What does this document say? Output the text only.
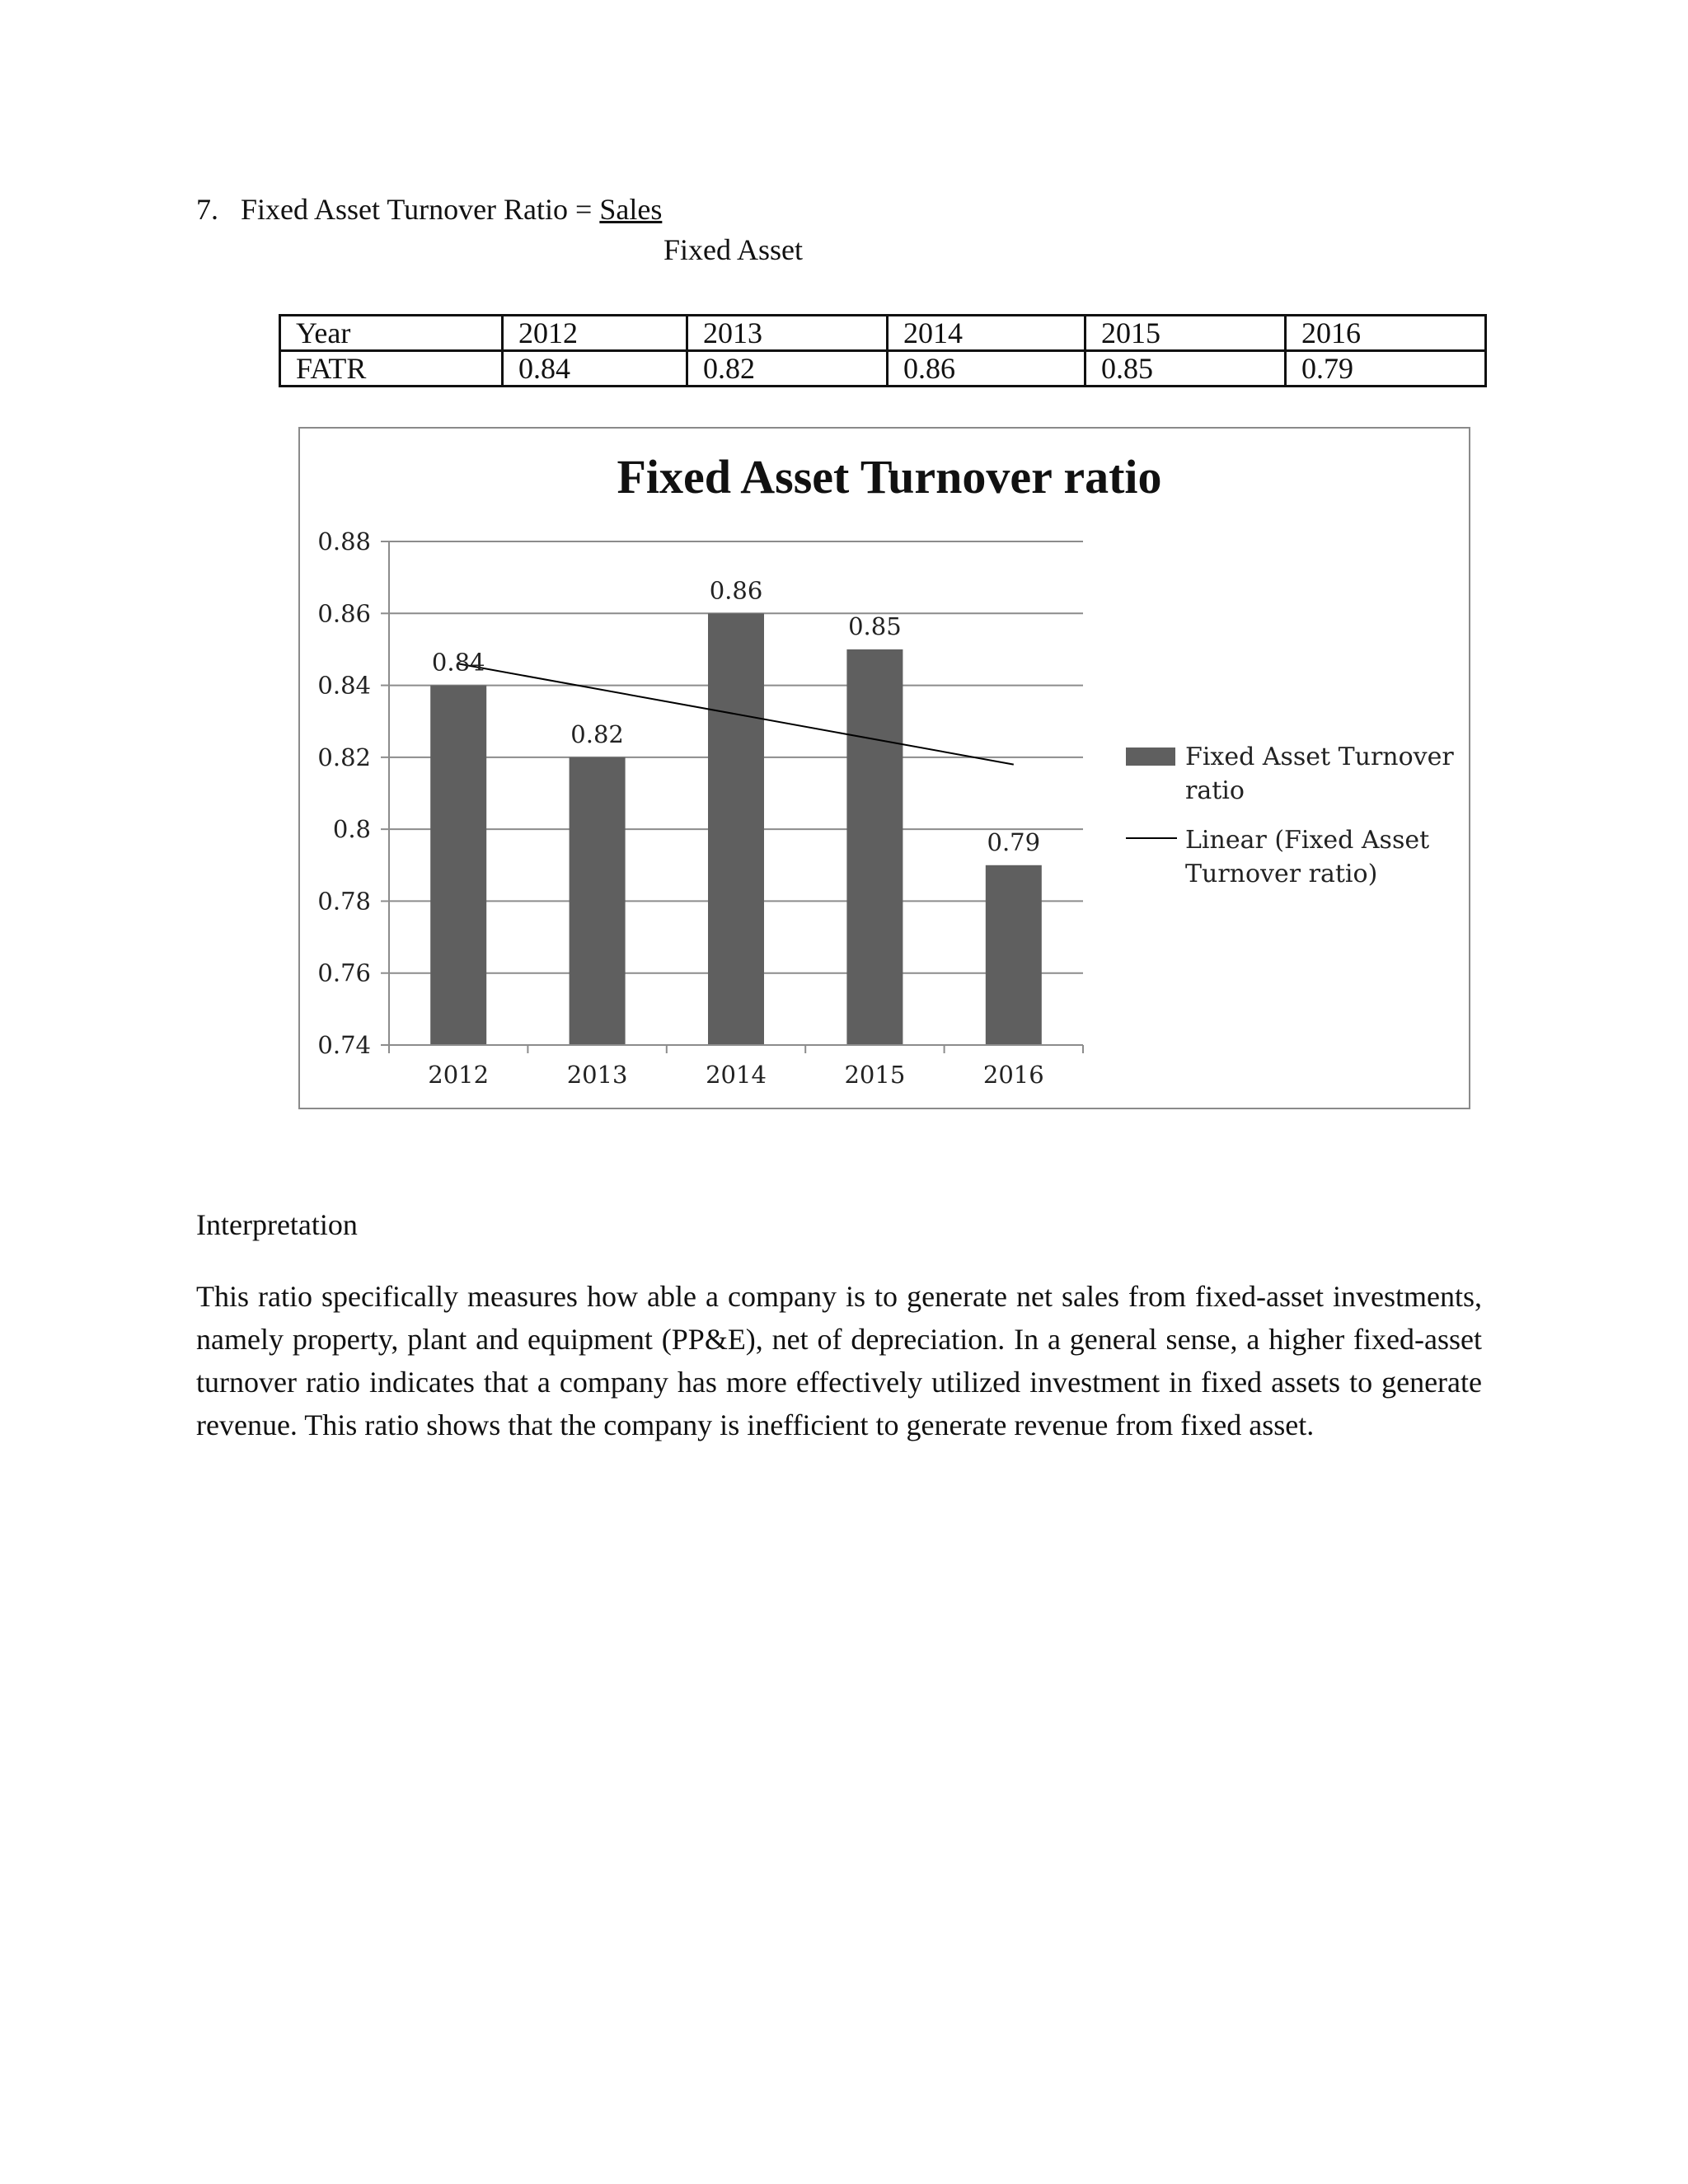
7. Fixed Asset Turnover Ratio = Sales
Fixed Asset
Year	2012	2013	2014	2015	2016
FATR	0.84	0.82	0.86	0.85	0.79
Fixed Asset Turnover ratio
0.74
0.76
0.78
0.8
0.82
0.84
0.86
0.88
2012	2013	2014	2015	2016
0.84
0.82
0.86
0.85
0.79
Fixed Asset Turnover
ratio
Linear (Fixed Asset
Turnover ratio)
Interpretation
This ratio specifically measures how able a company is to generate net sales from fixed-asset investments, namely property, plant and equipment (PP&E), net of depreciation. In a general sense, a higher fixed-asset turnover ratio indicates that a company has more effectively utilized investment in fixed assets to generate revenue. This ratio shows that the company is inefficient to generate revenue from fixed asset.
